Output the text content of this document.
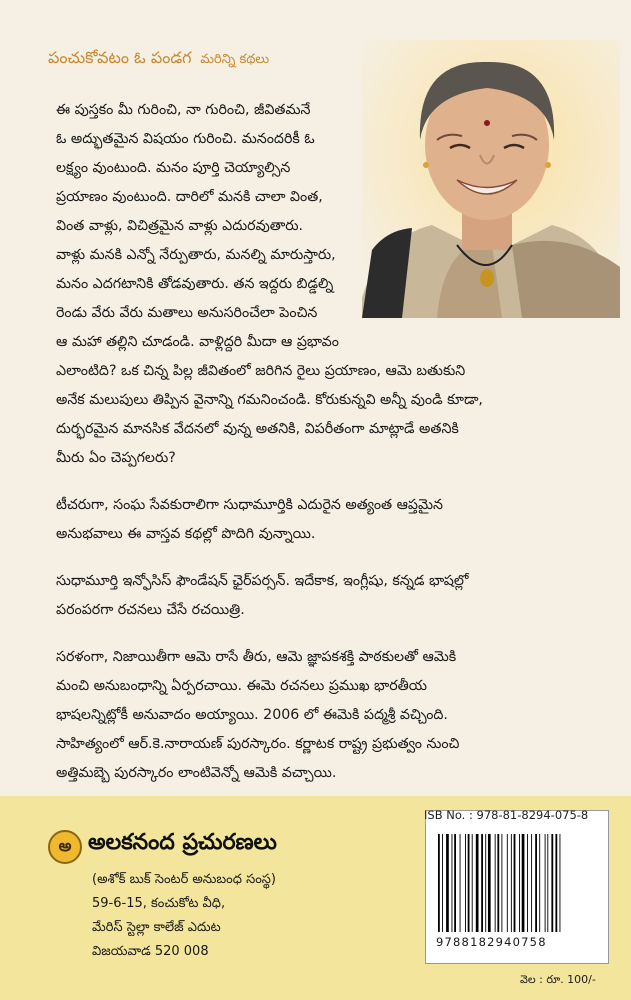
పంచుకోవటం ఓ పండగ మరిన్ని కథలు

ఈ పుస్తకం మీ గురించి, నా గురించి, జీవితమనే
ఓ అద్భుతమైన విషయం గురించి. మనందరికీ ఓ
లక్ష్యం వుంటుంది. మనం పూర్తి చెయ్యాల్సిన
ప్రయాణం వుంటుంది. దారిలో మనకి చాలా వింత,
వింత వాళ్లు, విచిత్రమైన వాళ్లు ఎదురవుతారు.
వాళ్లు మనకి ఎన్నో నేర్పుతారు, మనల్ని మారుస్తారు,
మనం ఎదగటానికి తోడవుతారు. తన ఇద్దరు బిడ్డల్ని
రెండు వేరు వేరు మతాలు అనుసరించేలా పెంచిన
ఆ మహా తల్లిని చూడండి. వాళ్లిద్దరి మీదా ఆ ప్రభావం
ఎలాంటిది? ఒక చిన్న పిల్ల జీవితంలో జరిగిన రైలు ప్రయాణం, ఆమె బతుకుని
అనేక మలుపులు తిప్పిన వైనాన్ని గమనించండి. కోరుకున్నవి అన్నీ వుండి కూడా,
దుర్భరమైన మానసిక వేదనలో వున్న అతనికి, విపరీతంగా మాట్లాడే అతనికి
మీరు ఏం చెప్పగలరు?

టీచరుగా, సంఘ సేవకురాలిగా సుధామూర్తికి ఎదురైన అత్యంత ఆప్తమైన
అనుభవాలు ఈ వాస్తవ కథల్లో పొదిగి వున్నాయి.

సుధామూర్తి ఇన్ఫోసిస్ ఫౌండేషన్ ఛైర్‌పర్సన్. ఇదేకాక, ఇంగ్లీషు, కన్నడ భాషల్లో
పరంపరగా రచనలు చేసే రచయిత్రి.

సరళంగా, నిజాయితీగా ఆమె రాసే తీరు, ఆమె జ్ఞాపకశక్తి పాఠకులతో ఆమెకి
మంచి అనుబంధాన్ని ఏర్పరచాయి. ఈమె రచనలు ప్రముఖ భారతీయ
భాషలన్నిట్లోకీ అనువాదం అయ్యాయి. 2006 లో ఈమెకి పద్మశ్రీ వచ్చింది.
సాహిత్యంలో ఆర్.కె.నారాయణ్ పురస్కారం. కర్ణాటక రాష్ట్ర ప్రభుత్వం నుంచి
అత్తిమబ్బె పురస్కారం లాంటివెన్నో ఆమెకి వచ్చాయి.

అ అలకనంద ప్రచురణలు
(అశోక్ బుక్ సెంటర్ అనుబంధ సంస్థ)
59-6-15, కంచుకోట వీధి,
మేరిస్ స్టెల్లా కాలేజ్ ఎదుట
విజయవాడ 520 008
ISB No. : 978-81-8294-075-8
9788182940758
వెల : రూ. 100/-
